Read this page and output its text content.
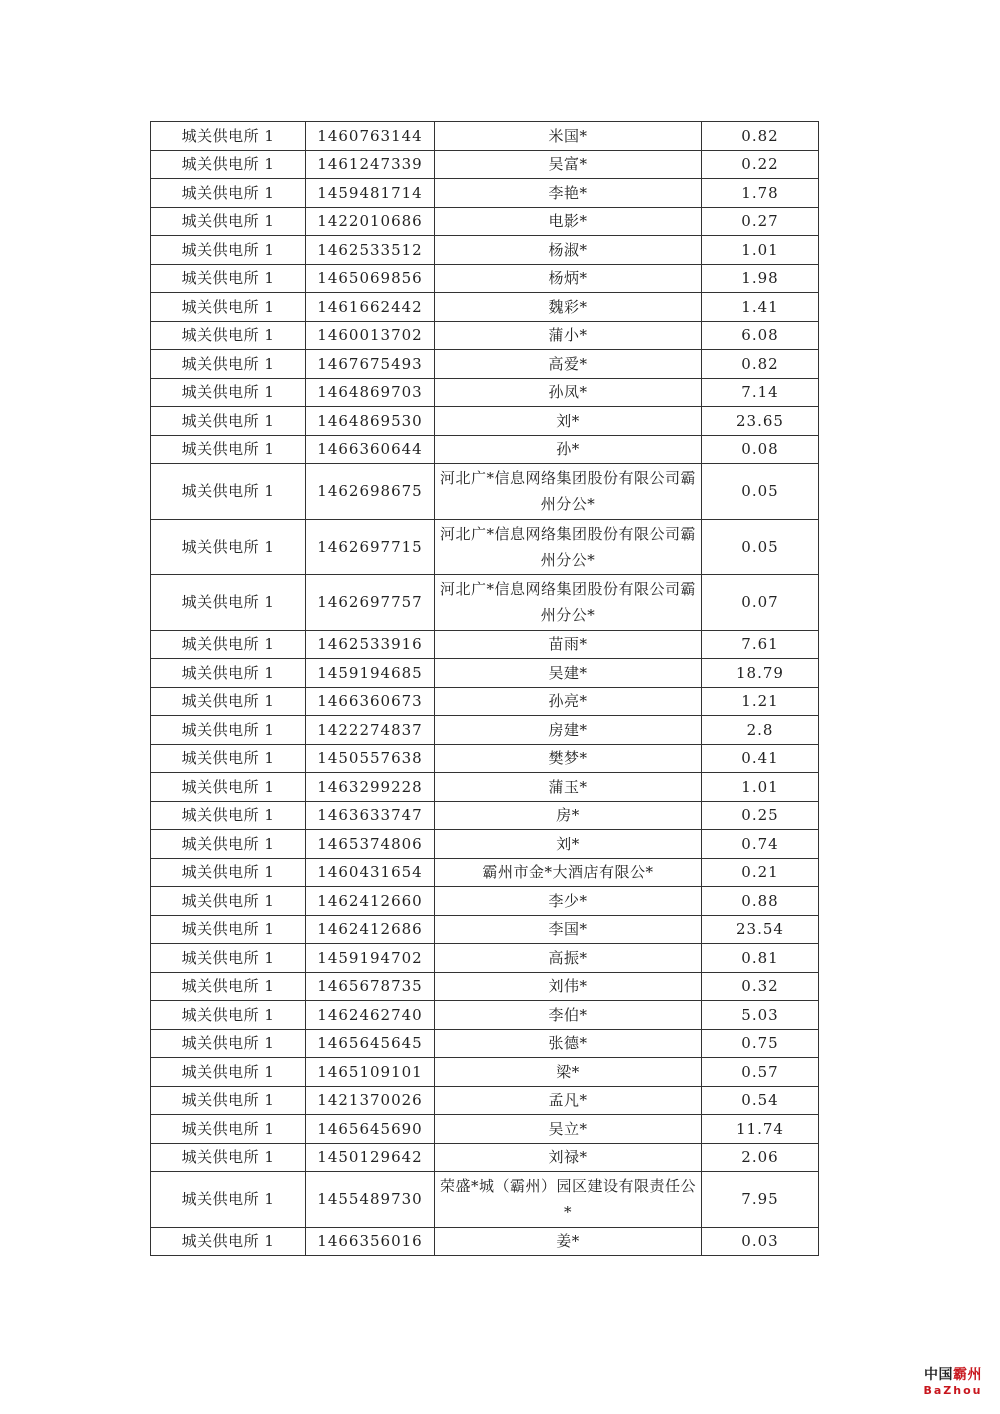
城关供电所 1	1460763144	米国*	0.82
城关供电所 1	1461247339	吴富*	0.22
城关供电所 1	1459481714	李艳*	1.78
城关供电所 1	1422010686	电影*	0.27
城关供电所 1	1462533512	杨淑*	1.01
城关供电所 1	1465069856	杨炳*	1.98
城关供电所 1	1461662442	魏彩*	1.41
城关供电所 1	1460013702	蒲小*	6.08
城关供电所 1	1467675493	高爱*	0.82
城关供电所 1	1464869703	孙凤*	7.14
城关供电所 1	1464869530	刘*	23.65
城关供电所 1	1466360644	孙*	0.08
城关供电所 1	1462698675	河北广*信息网络集团股份有限公司霸州分公*	0.05
城关供电所 1	1462697715	河北广*信息网络集团股份有限公司霸州分公*	0.05
城关供电所 1	1462697757	河北广*信息网络集团股份有限公司霸州分公*	0.07
城关供电所 1	1462533916	苗雨*	7.61
城关供电所 1	1459194685	吴建*	18.79
城关供电所 1	1466360673	孙亮*	1.21
城关供电所 1	1422274837	房建*	2.8
城关供电所 1	1450557638	樊梦*	0.41
城关供电所 1	1463299228	蒲玉*	1.01
城关供电所 1	1463633747	房*	0.25
城关供电所 1	1465374806	刘*	0.74
城关供电所 1	1460431654	霸州市金*大酒店有限公*	0.21
城关供电所 1	1462412660	李少*	0.88
城关供电所 1	1462412686	李国*	23.54
城关供电所 1	1459194702	高振*	0.81
城关供电所 1	1465678735	刘伟*	0.32
城关供电所 1	1462462740	李伯*	5.03
城关供电所 1	1465645645	张德*	0.75
城关供电所 1	1465109101	梁*	0.57
城关供电所 1	1421370026	孟凡*	0.54
城关供电所 1	1465645690	吴立*	11.74
城关供电所 1	1450129642	刘禄*	2.06
城关供电所 1	1455489730	荣盛*城（霸州）园区建设有限责任公*	7.95
城关供电所 1	1466356016	姜*	0.03
中国霸州
BaZhou
